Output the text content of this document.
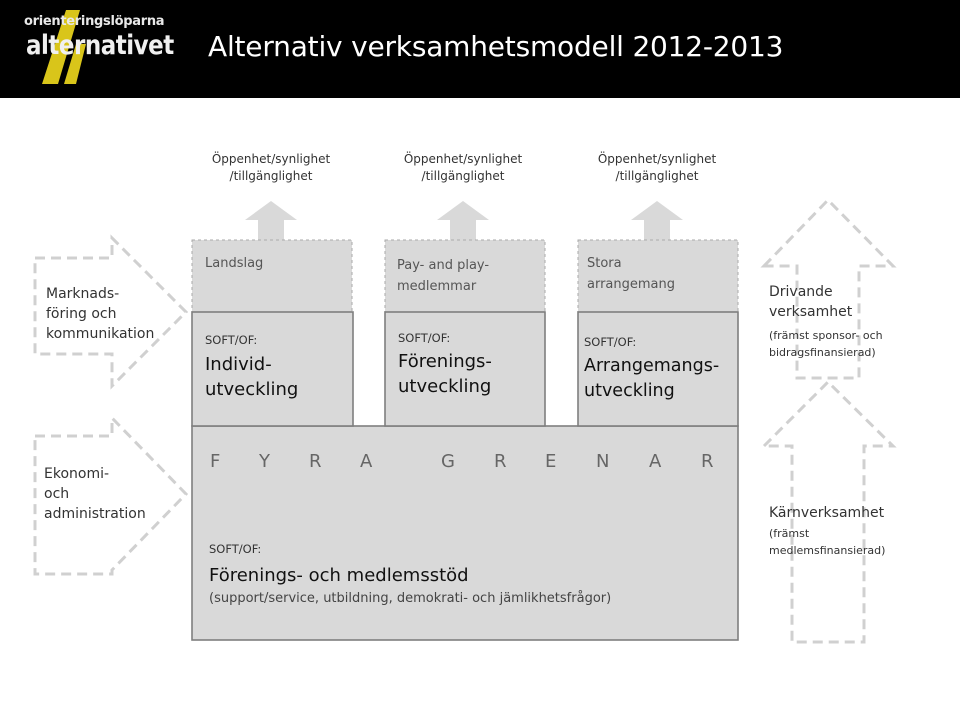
orienteringslöparna
alternativet Alternativ verksamhetsmodell 2012-2013
Öppenhet/synlighet
/tillgänglighet
Öppenhet/synlighet
/tillgänglighet
Öppenhet/synlighet
/tillgänglighet
Landslag	Pay- and play-
medlemmar
Stora
arrangemang
SOFT/OF:
Individ-
utveckling
SOFT/OF:
Förenings-
utveckling
SOFT/OF:
Arrangemangs-
utveckling
F Y R A	G R E N A R
SOFT/OF:
Förenings- och medlemsstöd
(support/service, utbildning, demokrati- och jämlikhetsfrågor)
Marknads-
föring och
kommunikation
Ekonomi-
och
administration
Drivande
verksamhet
(främst sponsor- och
bidragsfinansierad)
Kärnverksamhet
(främst
medlemsfinansierad)
